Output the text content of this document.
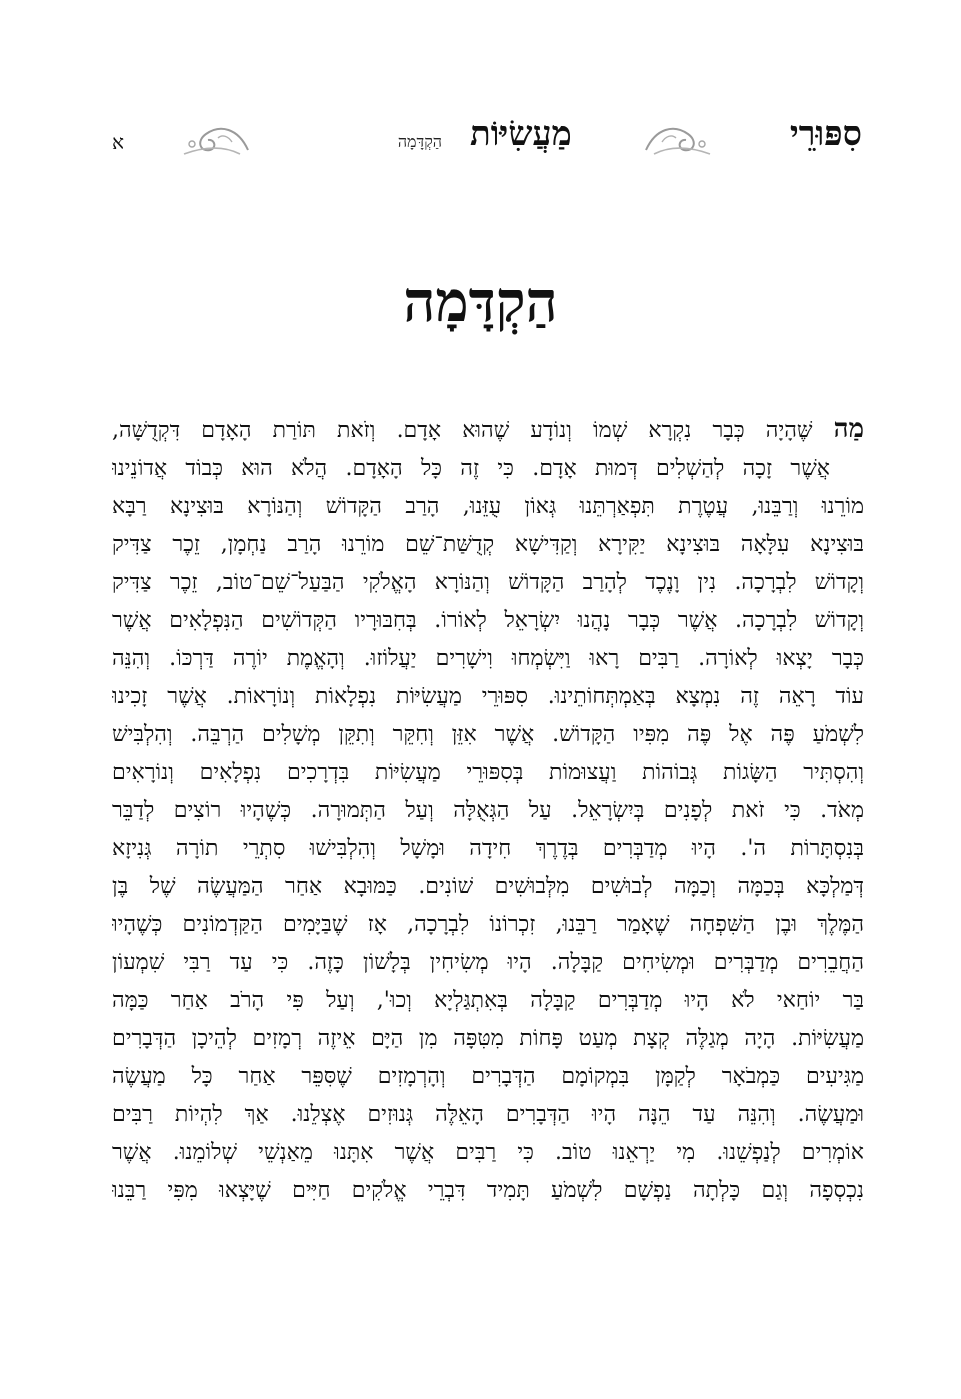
סִפּוּרֵי
הַקְדָּמָה מַעֲשִׂיּוֹת
א
הַקְדָּמָה
מַה שֶּׁהָיָה כְּבָר נִקְרָא שְׁמוֹ וְנוֹדָע שֶׁהוּא אָדָם. וְזֹאת תּוֹרַת הָאָדָם דִּקְדֻשָּׁה,
אֲשֶׁר זָכָה לְהַשְׁלִים דְּמוּת אָדָם. כִּי זֶה כָּל הָאָדָם. הֲלֹא הוּא כְּבוֹד אֲדוֹנֵינוּ
מוֹרֵנוּ וְרַבֵּנוּ, עֲטֶרֶת תִּפְאַרְתֵּנוּ גְּאוֹן עֻזֵּנוּ, הָרַב הַקָּדוֹשׁ וְהַנּוֹרָא בּוּצִינָא רַבָּא
בּוּצִינָא עִלָּאָה בּוּצִינָא יַקִּירָא וְקַדִּישָׁא קְדֻשַּׁת־שֵׁם מוֹרֵנוּ הָרַב נַחְמָן, זֵכֶר צַדִּיק
וְקָדוֹשׁ לִבְרָכָה. נִין וָנֶכֶד לְהָרַב הַקָּדוֹשׁ וְהַנּוֹרָא הָאֱלֹקִי הַבַּעַל־שֵׁם־טוֹב, זֵכֶר צַדִּיק
וְקָדוֹשׁ לִבְרָכָה. אֲשֶׁר כְּבָר נָהֲנוּ יִשְׂרָאֵל לְאוֹרוֹ. בְּחִבּוּרָיו הַקְּדוֹשִׁים הַנִּפְלָאִים אֲשֶׁר
כְּבָר יָצְאוּ לְאוֹרָה. רַבִּים רָאוּ וַיִּשְׂמְחוּ וִישָׁרִים יַעֲלוֹזוּ. וְהָאֱמֶת יוֹרֶה דַּרְכּוֹ. וְהִנֵּה
עוֹד רָאֵה זֶה נִמְצָא בְּאַמְתְּחוֹתֵינוּ. סִפּוּרֵי מַעֲשִׂיּוֹת נִפְלָאוֹת וְנוֹרָאוֹת. אֲשֶׁר זָכִינוּ
לִשְׁמֹעַ פֶּה אֶל פֶּה מִפִּיו הַקָּדוֹשׁ. אֲשֶׁר אִזֵּן וְחִקֵּר וְתִקֵּן מְשָׁלִים הַרְבֵּה. וְהִלְבִּישׁ
וְהִסְתִּיר הַשָּׂגוֹת גְּבוֹהוֹת וַעֲצוּמוֹת בְּסִפּוּרֵי מַעֲשִׂיּוֹת בִּדְרָכִים נִפְלָאִים וְנוֹרָאִים
מְאֹד. כִּי זֹאת לְפָנִים בְּיִשְׂרָאֵל. עַל הַגְּאֻלָּה וְעַל הַתְּמוּרָה. כְּשֶׁהָיוּ רוֹצִים לְדַבֵּר
בְּנִסְתָּרוֹת ה'. הָיוּ מְדַבְּרִים בְּדֶרֶךְ חִידָה וּמָשָׁל וְהִלְבִּישׁוּ סִתְרֵי תוֹרָה גְּנִיזָא
דְּמַלְכָּא בְּכַמָּה וְכַמָּה לְבוּשִׁים מִלְּבוּשִׁים שׁוֹנִים. כַּמּוּבָא אַחַר הַמַּעֲשֶׂה שֶׁל בֶּן
הַמֶּלֶךְ וּבֶן הַשִּׁפְחָה שֶׁאָמַר רַבֵּנוּ, זִכְרוֹנוֹ לִבְרָכָה, אָז שֶׁבַּיָּמִים הַקַּדְמוֹנִים כְּשֶׁהָיוּ
הַחֲבֵרִים מְדַבְּרִים וּמְשִׂיחִים קַבָּלָה. הָיוּ מְשִׂיחִין בְּלָשׁוֹן כָּזֶה. כִּי עַד רַבִּי שִׁמְעוֹן
בַּר יוֹחַאי לֹא הָיוּ מְדַבְּרִים קַבָּלָה בְּאִתְגַּלְיָא וְכוּ', וְעַל פִּי הָרֹב אַחַר כַּמָּה
מַעֲשִׂיּוֹת. הָיָה מְגַלֶּה קְצָת מְעַט פָּחוֹת מִטִּפָּה מִן הַיָּם אֵיזֶה רְמָזִים לְהֵיכָן הַדְּבָרִים
מַגִּיעִים כַּמְבֹאָר לְקַמָּן בִּמְקוֹמָם הַדְּבָרִים וְהָרְמָזִים שֶׁסִּפֵּר אַחַר כָּל מַעֲשֶׂה
וּמַעֲשֶׂה. וְהִנֵּה עַד הֵנָּה הָיוּ הַדְּבָרִים הָאֵלֶּה גְּנוּזִים אֶצְלֵנוּ. אַךְ לִהְיוֹת רַבִּים
אוֹמְרִים לְנַפְשֵׁנוּ. מִי יַרְאֵנוּ טוֹב. כִּי רַבִּים אֲשֶׁר אִתָּנוּ מֵאַנְשֵׁי שְׁלוֹמֵנוּ. אֲשֶׁר
נִכְסְפָה וְגַם כָּלְתָה נַפְשָׁם לִשְׁמֹעַ תָּמִיד דִּבְרֵי אֱלֹקִים חַיִּים שֶׁיָּצְאוּ מִפִּי רַבֵּנוּ
